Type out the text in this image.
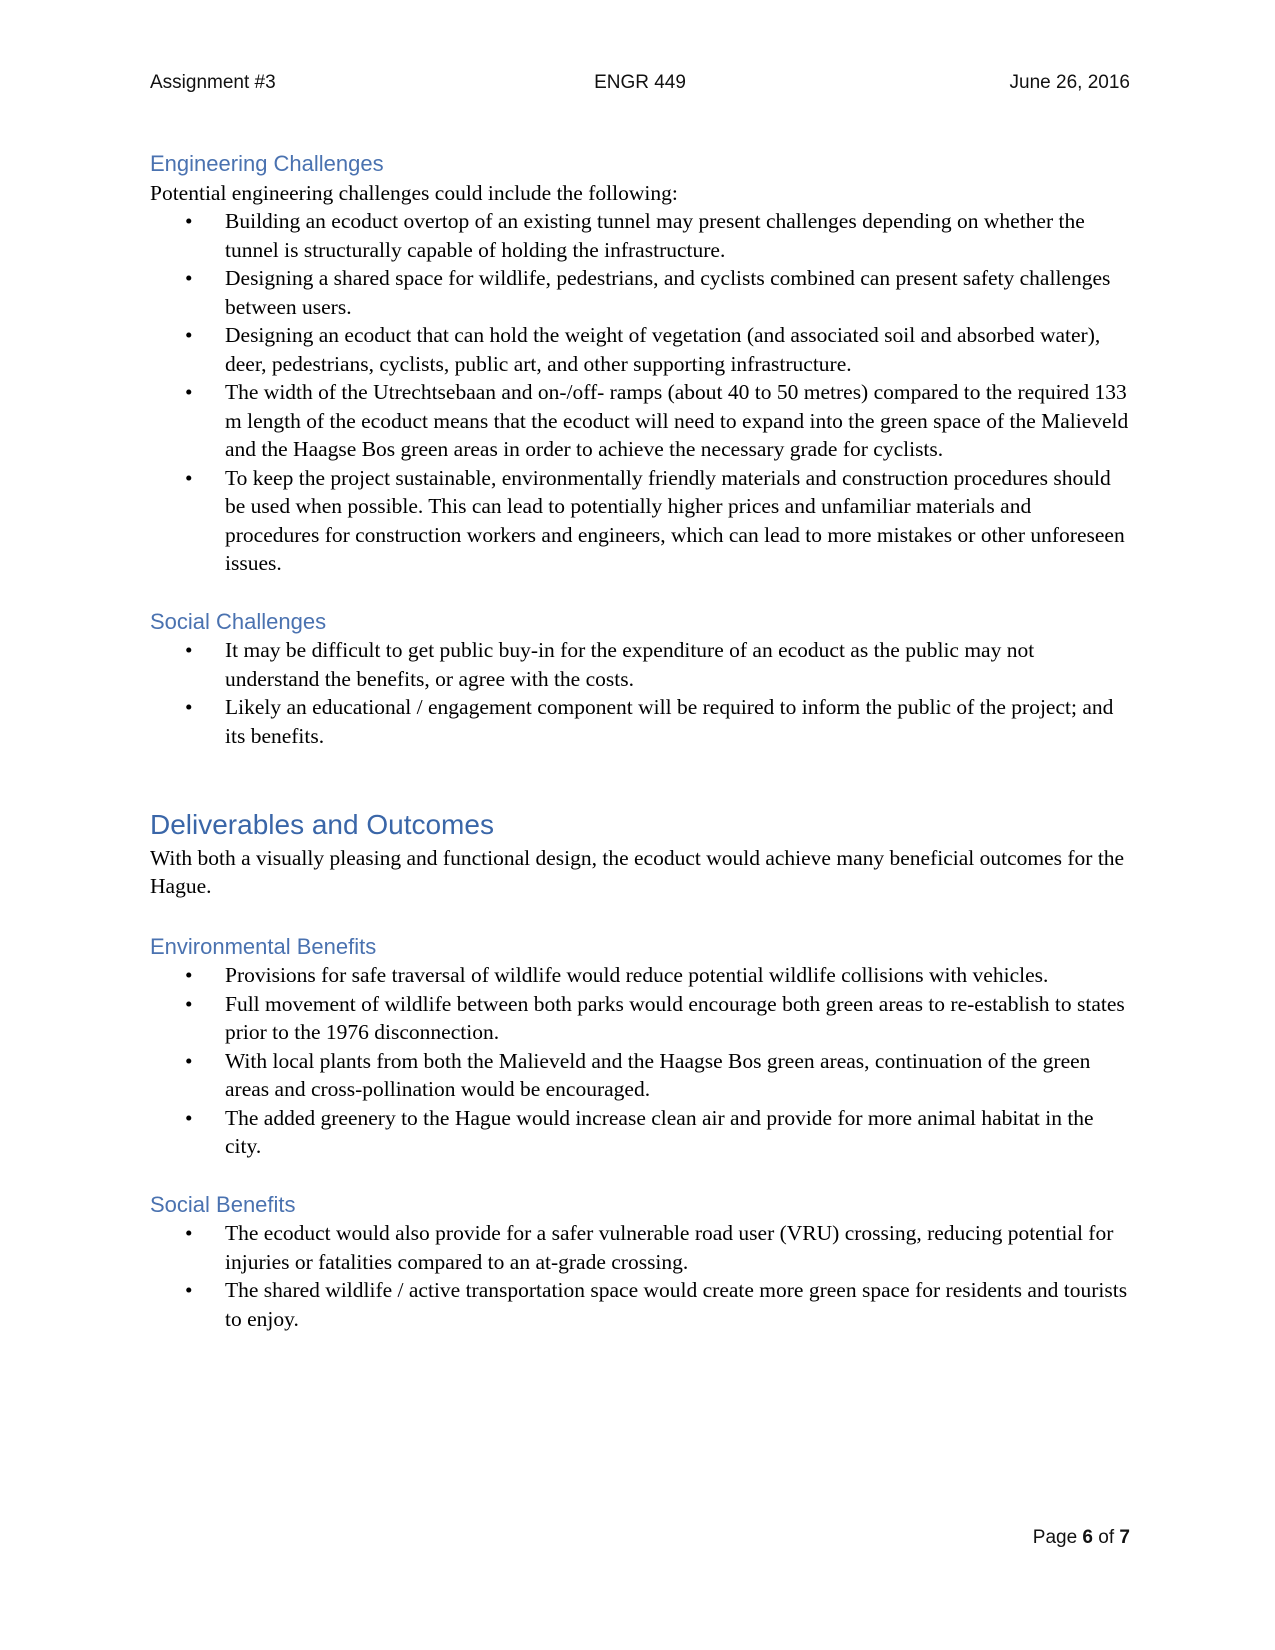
Assignment #3	ENGR 449	June 26, 2016
Engineering Challenges

Potential engineering challenges could include the following:

• Building an ecoduct overtop of an existing tunnel may present challenges depending on whether the tunnel is structurally capable of holding the infrastructure.
• Designing a shared space for wildlife, pedestrians, and cyclists combined can present safety challenges between users.
• Designing an ecoduct that can hold the weight of vegetation (and associated soil and absorbed water), deer, pedestrians, cyclists, public art, and other supporting infrastructure.
• The width of the Utrechtsebaan and on-/off- ramps (about 40 to 50 metres) compared to the required 133 m length of the ecoduct means that the ecoduct will need to expand into the green space of the Malieveld and the Haagse Bos green areas in order to achieve the necessary grade for cyclists.
• To keep the project sustainable, environmentally friendly materials and construction procedures should be used when possible. This can lead to potentially higher prices and unfamiliar materials and procedures for construction workers and engineers, which can lead to more mistakes or other unforeseen issues.
Social Challenges
• It may be difficult to get public buy-in for the expenditure of an ecoduct as the public may not understand the benefits, or agree with the costs.
• Likely an educational / engagement component will be required to inform the public of the project; and its benefits.
Deliverables and Outcomes

With both a visually pleasing and functional design, the ecoduct would achieve many beneficial outcomes for the Hague.

Environmental Benefits
• Provisions for safe traversal of wildlife would reduce potential wildlife collisions with vehicles.
• Full movement of wildlife between both parks would encourage both green areas to re-establish to states prior to the 1976 disconnection.
• With local plants from both the Malieveld and the Haagse Bos green areas, continuation of the green areas and cross-pollination would be encouraged.
• The added greenery to the Hague would increase clean air and provide for more animal habitat in the city.
Social Benefits
• The ecoduct would also provide for a safer vulnerable road user (VRU) crossing, reducing potential for injuries or fatalities compared to an at-grade crossing.
• The shared wildlife / active transportation space would create more green space for residents and tourists to enjoy.
Page 6 of 7
